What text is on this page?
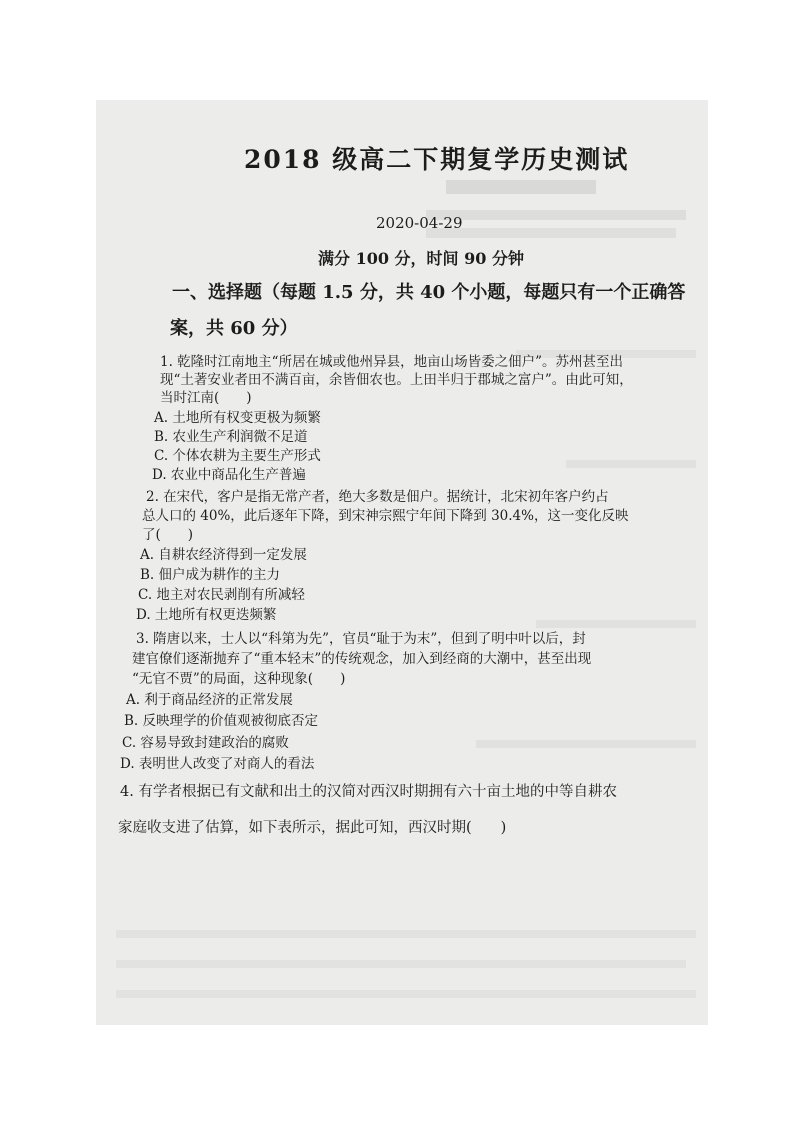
2018 级高二下期复学历史测试
2020-04-29
满分 100 分，时间 90 分钟
一、选择题（每题 1.5 分，共 40 个小题，每题只有一个正确答
案，共 60 分）
1. 乾隆时江南地主“所居在城或他州异县，地亩山场皆委之佃户”。苏州甚至出
现“土著安业者田不满百亩，余皆佃农也。上田半归于郡城之富户”。由此可知，
当时江南(　　)
A. 土地所有权变更极为频繁
B. 农业生产利润微不足道
C. 个体农耕为主要生产形式
D. 农业中商品化生产普遍
2. 在宋代，客户是指无常产者，绝大多数是佃户。据统计，北宋初年客户约占
总人口的 40%，此后逐年下降，到宋神宗熙宁年间下降到 30.4%，这一变化反映
了(　　)
A. 自耕农经济得到一定发展
B. 佃户成为耕作的主力
C. 地主对农民剥削有所减轻
D. 土地所有权更迭频繁
3. 隋唐以来，士人以“科第为先”，官员“耻于为末”，但到了明中叶以后，封
建官僚们逐渐抛弃了“重本轻末”的传统观念，加入到经商的大潮中，甚至出现
“无官不贾”的局面，这种现象(　　)
A. 利于商品经济的正常发展
B. 反映理学的价值观被彻底否定
C. 容易导致封建政治的腐败
D. 表明世人改变了对商人的看法
4. 有学者根据已有文献和出土的汉简对西汉时期拥有六十亩土地的中等自耕农
家庭收支进了估算，如下表所示，据此可知，西汉时期(　　)
